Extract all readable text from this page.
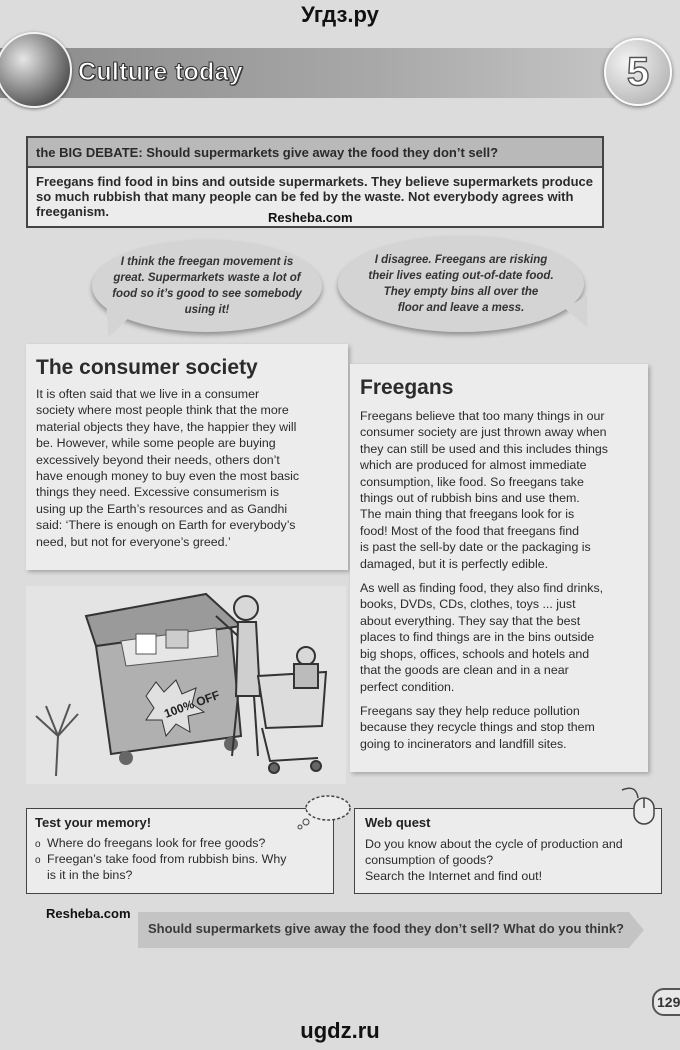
Угдз.ру
Culture today	5
the BIG DEBATE: Should supermarkets give away the food they don’t sell?
Freegans find food in bins and outside supermarkets. They believe supermarkets produce so much rubbish that many people can be fed by the waste. Not everybody agrees with freeganism.	Resheba.com
I think the freegan movement is
great. Supermarkets waste a lot of
food so it’s good to see somebody
using it!
I disagree. Freegans are risking
their lives eating out-of-date food.
They empty bins all over the
floor and leave a mess.
The consumer society

It is often said that we live in a consumer

society where most people think that the more

material objects they have, the happier they will

be. However, while some people are buying

excessively beyond their needs, others don’t

have enough money to buy even the most basic

things they need. Excessive consumerism is

using up the Earth’s resources and as Gandhi

said: ‘There is enough on Earth for everybody’s

need, but not for everyone’s greed.’

Freegans

Freegans believe that too many things in our

consumer society are just thrown away when

they can still be used and this includes things

which are produced for almost immediate

consumption, like food. So freegans take

things out of rubbish bins and use them.

The main thing that freegans look for is

food! Most of the food that freegans find

is past the sell-by date or the packaging is

damaged, but it is perfectly edible.

As well as finding food, they also find drinks,

books, DVDs, CDs, clothes, toys ... just

about everything. They say that the best

places to find things are in the bins outside

big shops, offices, schools and hotels and

that the goods are clean and in a near

perfect condition.

Freegans say they help reduce pollution

because they recycle things and stop them

going to incinerators and landfill sites.

100% OFF
Test your memory!
o Where do freegans look for free goods?
o Freegan’s take food from rubbish bins. Why
is it in the bins?
Web quest

Do you know about the cycle of production and

consumption of goods?

Search the Internet and find out!

Resheba.com
Should supermarkets give away the food they don’t sell? What do you think?
129
ugdz.ru
